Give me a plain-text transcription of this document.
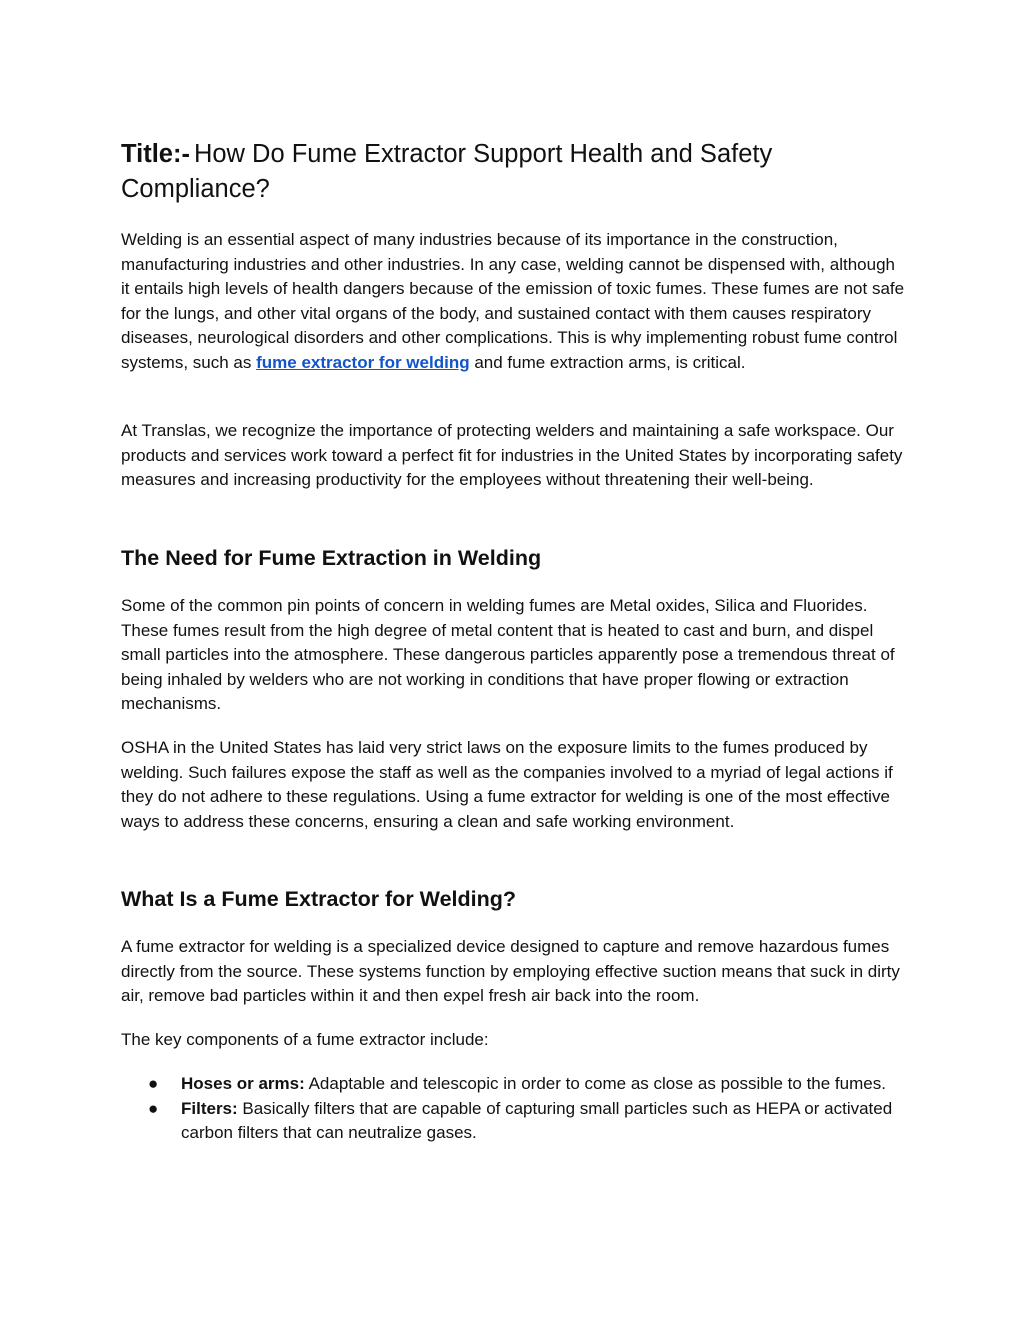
Title:- How Do Fume Extractor Support Health and Safety Compliance?

Welding is an essential aspect of many industries because of its importance in the construction, manufacturing industries and other industries. In any case, welding cannot be dispensed with, although it entails high levels of health dangers because of the emission of toxic fumes. These fumes are not safe for the lungs, and other vital organs of the body, and sustained contact with them causes respiratory diseases, neurological disorders and other complications. This is why implementing robust fume control systems, such as fume extractor for welding and fume extraction arms, is critical.

At Translas, we recognize the importance of protecting welders and maintaining a safe workspace. Our products and services work toward a perfect fit for industries in the United States by incorporating safety measures and increasing productivity for the employees without threatening their well-being.

The Need for Fume Extraction in Welding

Some of the common pin points of concern in welding fumes are Metal oxides, Silica and Fluorides. These fumes result from the high degree of metal content that is heated to cast and burn, and dispel small particles into the atmosphere. These dangerous particles apparently pose a tremendous threat of being inhaled by welders who are not working in conditions that have proper flowing or extraction mechanisms.

OSHA in the United States has laid very strict laws on the exposure limits to the fumes produced by welding. Such failures expose the staff as well as the companies involved to a myriad of legal actions if they do not adhere to these regulations. Using a fume extractor for welding is one of the most effective ways to address these concerns, ensuring a clean and safe working environment.

What Is a Fume Extractor for Welding?

A fume extractor for welding is a specialized device designed to capture and remove hazardous fumes directly from the source. These systems function by employing effective suction means that suck in dirty air, remove bad particles within it and then expel fresh air back into the room.

The key components of a fume extractor include:

● Hoses or arms: Adaptable and telescopic in order to come as close as possible to the fumes.
● Filters: Basically filters that are capable of capturing small particles such as HEPA or activated carbon filters that can neutralize gases.
